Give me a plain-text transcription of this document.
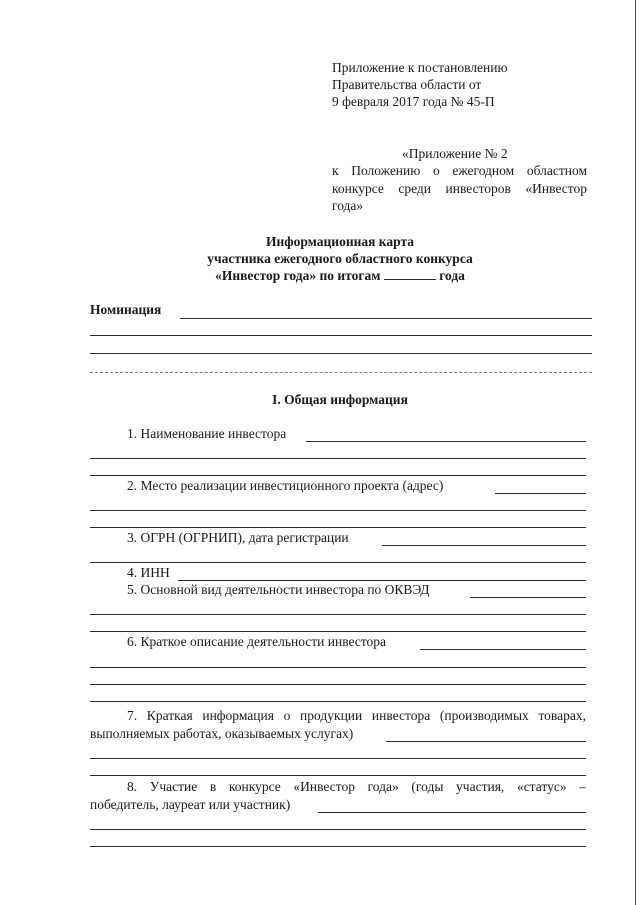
Приложение к постановлению
Правительства области от
9 февраля 2017 года № 45-П
«Приложение № 2
к Положению о ежегодном областном
конкурсе среди инвесторов «Инвестор
года»
Информационная карта
участника ежегодного областного конкурса
«Инвестор года» по итогам	года
Номинация
I. Общая информация
1. Наименование инвестора
2. Место реализации инвестиционного проекта (адрес)
3. ОГРН (ОГРНИП), дата регистрации
4. ИНН
5. Основной вид деятельности инвестора по ОКВЭД
6. Краткое описание деятельности инвестора
7. Краткая информация о продукции инвестора (производимых товарах,
выполняемых работах, оказываемых услугах)
8. Участие в конкурсе «Инвестор года» (годы участия, «статус» –
победитель, лауреат или участник)
